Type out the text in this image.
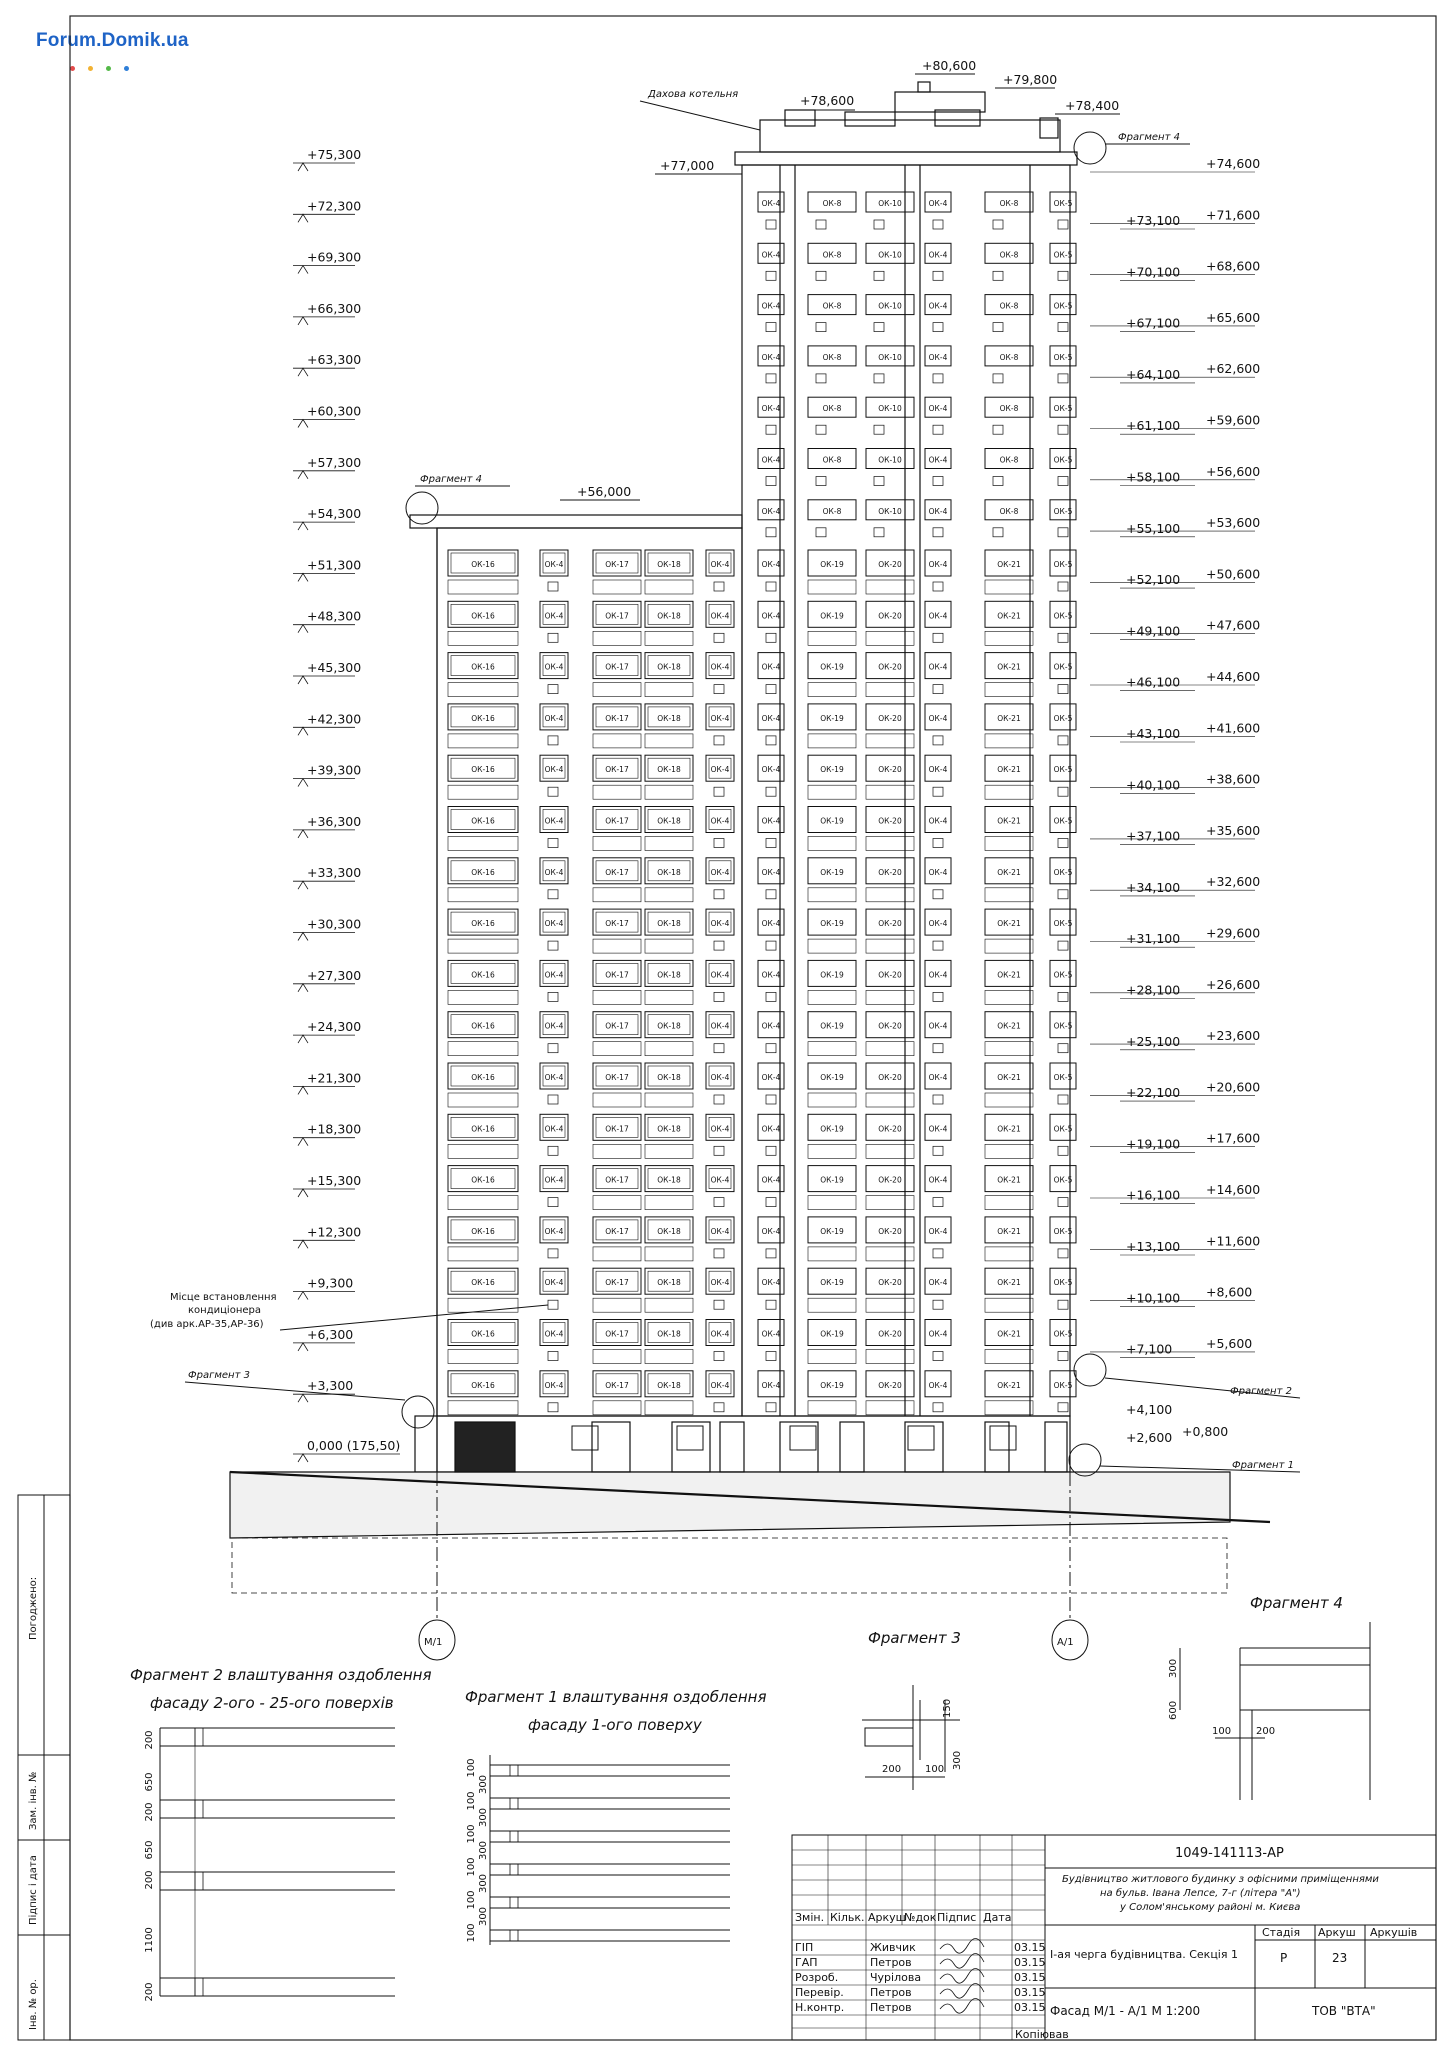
Forum.Domik.ua
ОК-16	ОК-4	ОК-17	ОК-18	ОК-4	ОК-4	ОК-19	ОК-20	ОК-4	ОК-21	ОК-5
ОК-16	ОК-4	ОК-17	ОК-18	ОК-4	ОК-4	ОК-19	ОК-20	ОК-4	ОК-21	ОК-5
ОК-16	ОК-4	ОК-17	ОК-18	ОК-4	ОК-4	ОК-19	ОК-20	ОК-4	ОК-21	ОК-5
ОК-16	ОК-4	ОК-17	ОК-18	ОК-4	ОК-4	ОК-19	ОК-20	ОК-4	ОК-21	ОК-5
ОК-16	ОК-4	ОК-17	ОК-18	ОК-4	ОК-4	ОК-19	ОК-20	ОК-4	ОК-21	ОК-5
ОК-16	ОК-4	ОК-17	ОК-18	ОК-4	ОК-4	ОК-19	ОК-20	ОК-4	ОК-21	ОК-5
ОК-16	ОК-4	ОК-17	ОК-18	ОК-4	ОК-4	ОК-19	ОК-20	ОК-4	ОК-21	ОК-5
ОК-16	ОК-4	ОК-17	ОК-18	ОК-4	ОК-4	ОК-19	ОК-20	ОК-4	ОК-21	ОК-5
ОК-16	ОК-4	ОК-17	ОК-18	ОК-4	ОК-4	ОК-19	ОК-20	ОК-4	ОК-21	ОК-5
ОК-16	ОК-4	ОК-17	ОК-18	ОК-4	ОК-4	ОК-19	ОК-20	ОК-4	ОК-21	ОК-5
ОК-16	ОК-4	ОК-17	ОК-18	ОК-4	ОК-4	ОК-19	ОК-20	ОК-4	ОК-21	ОК-5
ОК-16	ОК-4	ОК-17	ОК-18	ОК-4	ОК-4	ОК-19	ОК-20	ОК-4	ОК-21	ОК-5
ОК-16	ОК-4	ОК-17	ОК-18	ОК-4	ОК-4	ОК-19	ОК-20	ОК-4	ОК-21	ОК-5
ОК-16	ОК-4	ОК-17	ОК-18	ОК-4	ОК-4	ОК-19	ОК-20	ОК-4	ОК-21	ОК-5
ОК-16	ОК-4	ОК-17	ОК-18	ОК-4	ОК-4	ОК-19	ОК-20	ОК-4	ОК-21	ОК-5
ОК-16	ОК-4	ОК-17	ОК-18	ОК-4	ОК-4	ОК-19	ОК-20	ОК-4	ОК-21	ОК-5
ОК-16	ОК-4	ОК-17	ОК-18	ОК-4	ОК-4	ОК-19	ОК-20	ОК-4	ОК-21	ОК-5
ОК-4	ОК-8	ОК-10	ОК-4	ОК-8	ОК-5
ОК-4	ОК-8	ОК-10	ОК-4	ОК-8	ОК-5
ОК-4	ОК-8	ОК-10	ОК-4	ОК-8	ОК-5
ОК-4	ОК-8	ОК-10	ОК-4	ОК-8	ОК-5
ОК-4	ОК-8	ОК-10	ОК-4	ОК-8	ОК-5
ОК-4	ОК-8	ОК-10	ОК-4	ОК-8	ОК-5
ОК-4	ОК-8	ОК-10	ОК-4	ОК-8	ОК-5
+75,300
+72,300
+69,300
+66,300
+63,300
+60,300
+57,300
+54,300
+51,300
+48,300
+45,300
+42,300
+39,300
+36,300
+33,300
+30,300
+27,300
+24,300
+21,300
+18,300
+15,300
+12,300
+9,300
+6,300
+3,300
0,000 (175,50)
+74,600
+71,600
+68,600
+65,600
+62,600
+59,600
+56,600
+53,600
+50,600
+47,600
+44,600
+41,600
+38,600
+35,600
+32,600
+29,600
+26,600
+23,600
+20,600
+17,600
+14,600
+11,600
+8,600
+5,600
+73,100
+70,100
+67,100
+64,100
+61,100
+58,100
+55,100
+52,100
+49,100
+46,100
+43,100
+40,100
+37,100
+34,100
+31,100
+28,100
+25,100
+22,100
+19,100
+16,100
+13,100
+10,100
+7,100
+4,100
+0,800
+2,600
+80,600
+79,800
+78,600	+78,400
+77,000
+56,000
Дахова котельня
Фрагмент 4
Фрагмент 4
Місце встановлення
кондиціонера
(див арк.АР-35,АР-36)
Фрагмент 3
Фрагмент 2
Фрагмент 1
М/1	А/1
Фрагмент 2 влаштування оздоблення
фасаду 2-ого - 25-ого поверхів
200
650
200
650
200
1100
200
Фрагмент 1 влаштування оздоблення
фасаду 1-ого поверху
100
300
100
300
100
300
100
300
100
300
100
Фрагмент 3
150
300
200 100
Фрагмент 4
300
600
100 200
Погоджено:
Зам. інв. №
Підпис і дата
Інв. № ор.
Змін. Кільк. Аркуш
№док Підпис Дата
ГІП	Живчик	03.15
ГАП	Петров	03.15
Розроб.	Чурілова	03.15
Перевір. Петров	03.15
Н.контр. Петров	03.15
1049-141113-АР
Будівництво житлового будинку з офісними приміщеннями
на бульв. Івана Лепсе, 7-г (літера "А")
у Солом'янському районі м. Києва
І-ая черга будівництва. Секція 1
Фасад М/1 - А/1 М 1:200	ТОВ "ВТА"
Стадія Аркуш Аркушів
Р	23
Копіював
